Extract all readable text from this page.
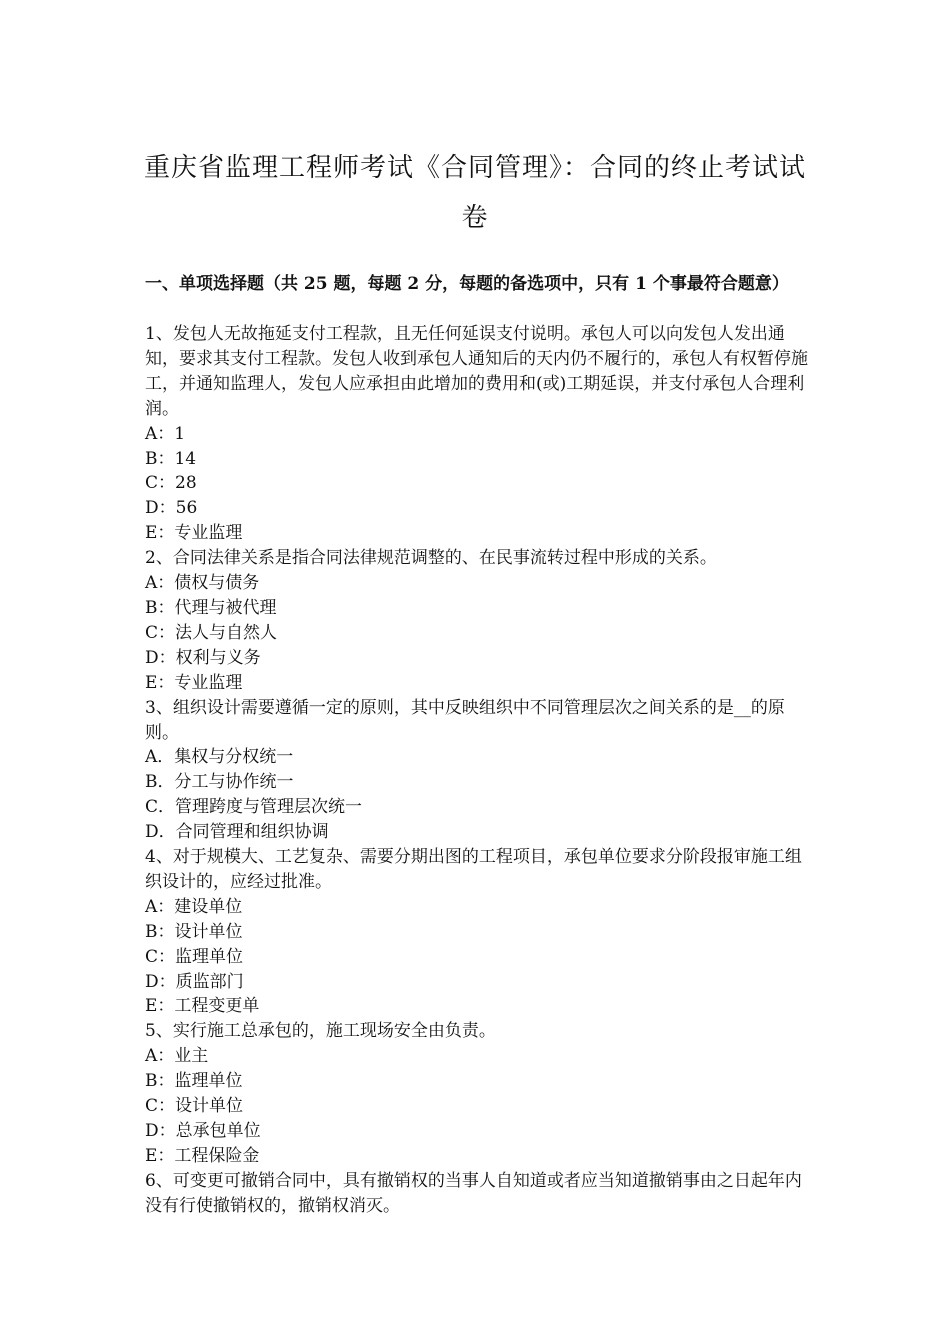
重庆省监理工程师考试《合同管理》：合同的终止考试试
卷

一、单项选择题（共 25 题，每题 2 分，每题的备选项中，只有 1 个事最符合题意）

1、发包人无故拖延支付工程款，且无任何延误支付说明。承包人可以向发包人发出通知，要求其支付工程款。发包人收到承包人通知后的天内仍不履行的，承包人有权暂停施工，并通知监理人，发包人应承担由此增加的费用和(或)工期延误，并支付承包人合理利润。

A：1

B：14

C：28

D：56

E：专业监理

2、合同法律关系是指合同法律规范调整的、在民事流转过程中形成的关系。

A：债权与债务

B：代理与被代理

C：法人与自然人

D：权利与义务

E：专业监理

3、组织设计需要遵循一定的原则，其中反映组织中不同管理层次之间关系的是__的原则。

A．集权与分权统一

B．分工与协作统一

C．管理跨度与管理层次统一

D．合同管理和组织协调

4、对于规模大、工艺复杂、需要分期出图的工程项目，承包单位要求分阶段报审施工组织设计的，应经过批准。

A：建设单位

B：设计单位

C：监理单位

D：质监部门

E：工程变更单

5、实行施工总承包的，施工现场安全由负责。

A：业主

B：监理单位

C：设计单位

D：总承包单位

E：工程保险金

6、可变更可撤销合同中，具有撤销权的当事人自知道或者应当知道撤销事由之日起年内没有行使撤销权的，撤销权消灭。
